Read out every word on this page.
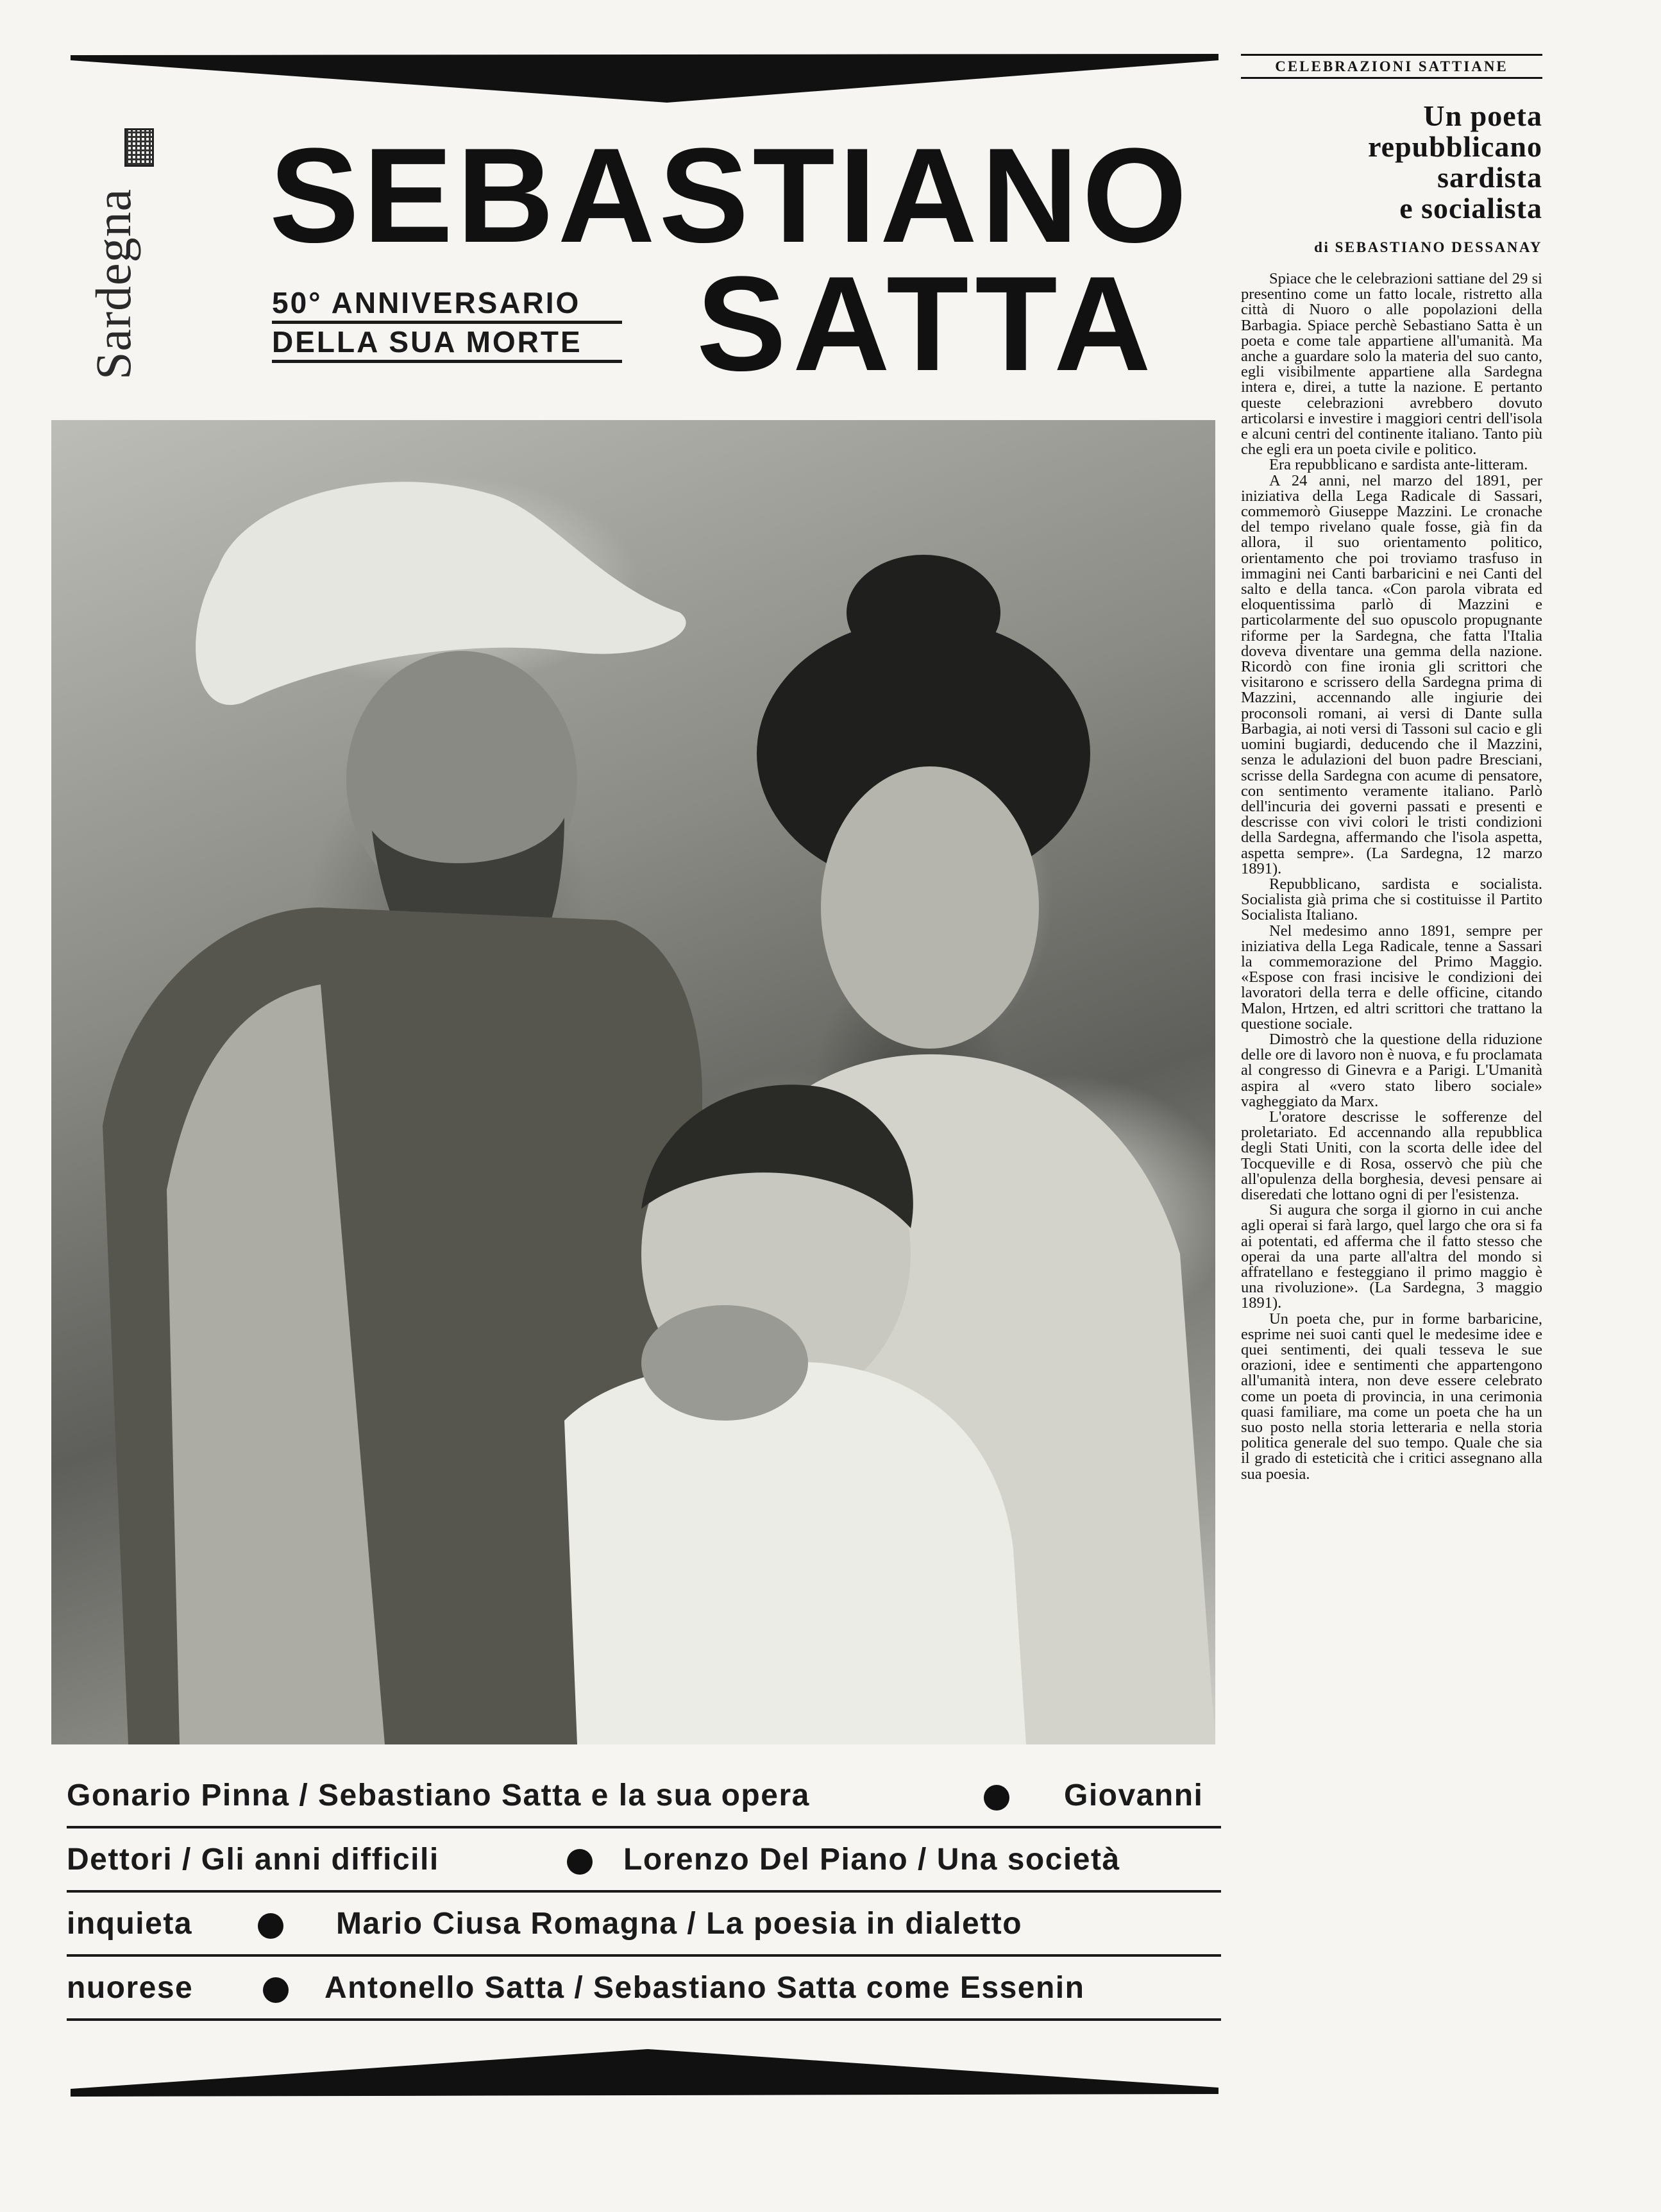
Sardegna SEBASTIANO
50° ANNIVERSARIO
DELLA SUA MORTE SATTA
Gonario Pinna / Sebastiano Satta e la sua opera	Giovanni
Dettori / Gli anni difficili	Lorenzo Del Piano / Una società
inquieta	Mario Ciusa Romagna / La poesia in dialetto
nuorese	Antonello Satta / Sebastiano Satta come Essenin
CELEBRAZIONI SATTIANE
Un poeta
repubblicano
sardista
e socialista
di SEBASTIANO DESSANAY

Spiace che le celebrazioni sattiane del 29 si presentino come un fatto locale, ristretto alla città di Nuoro o alle popolazioni della Barbagia. Spiace perchè Sebastiano Satta è un poeta e come tale appartiene all'umanità. Ma anche a guardare solo la materia del suo canto, egli visibilmente appartiene alla Sardegna intera e, direi, a tutte la nazione. E pertanto queste celebrazioni avrebbero dovuto articolarsi e investire i maggiori centri dell'isola e alcuni centri del continente italiano. Tanto più che egli era un poeta civile e politico.

Era repubblicano e sardista ante-litteram.

A 24 anni, nel marzo del 1891, per iniziativa della Lega Radicale di Sassari, commemorò Giuseppe Mazzini. Le cronache del tempo rivelano quale fosse, già fin da allora, il suo orientamento politico, orientamento che poi troviamo trasfuso in immagini nei Canti barbaricini e nei Canti del salto e della tanca. «Con parola vibrata ed eloquentissima parlò di Mazzini e particolarmente del suo opuscolo propugnante riforme per la Sardegna, che fatta l'Italia doveva diventare una gemma della nazione. Ricordò con fine ironia gli scrittori che visitarono e scrissero della Sardegna prima di Mazzini, accennando alle ingiurie dei proconsoli romani, ai versi di Dante sulla Barbagia, ai noti versi di Tassoni sul cacio e gli uomini bugiardi, deducendo che il Mazzini, senza le adulazioni del buon padre Bresciani, scrisse della Sardegna con acume di pensatore, con sentimento veramente italiano. Parlò dell'incuria dei governi passati e presenti e descrisse con vivi colori le tristi condizioni della Sardegna, affermando che l'isola aspetta, aspetta sempre». (La Sardegna, 12 marzo 1891).

Repubblicano, sardista e socialista. Socialista già prima che si costituisse il Partito Socialista Italiano.

Nel medesimo anno 1891, sempre per iniziativa della Lega Radicale, tenne a Sassari la commemorazione del Primo Maggio. «Espose con frasi incisive le condizioni dei lavoratori della terra e delle officine, citando Malon, Hrtzen, ed altri scrittori che trattano la questione sociale.

Dimostrò che la questione della riduzione delle ore di lavoro non è nuova, e fu proclamata al congresso di Ginevra e a Parigi. L'Umanità aspira al «vero stato libero sociale» vagheggiato da Marx.

L'oratore descrisse le sofferenze del proletariato. Ed accennando alla repubblica degli Stati Uniti, con la scorta delle idee del Tocqueville e di Rosa, osservò che più che all'opulenza della borghesia, devesi pensare ai diseredati che lottano ogni di per l'esistenza.

Si augura che sorga il giorno in cui anche agli operai si farà largo, quel largo che ora si fa ai potentati, ed afferma che il fatto stesso che operai da una parte all'altra del mondo si affratellano e festeggiano il primo maggio è una rivoluzione». (La Sardegna, 3 maggio 1891).

Un poeta che, pur in forme barbaricine, esprime nei suoi canti quel le medesime idee e quei sentimenti, dei quali tesseva le sue orazioni, idee e sentimenti che appartengono all'umanità intera, non deve essere celebrato come un poeta di provincia, in una cerimonia quasi familiare, ma come un poeta che ha un suo posto nella storia letteraria e nella storia politica generale del suo tempo. Quale che sia il grado di esteticità che i critici assegnano alla sua poesia.
